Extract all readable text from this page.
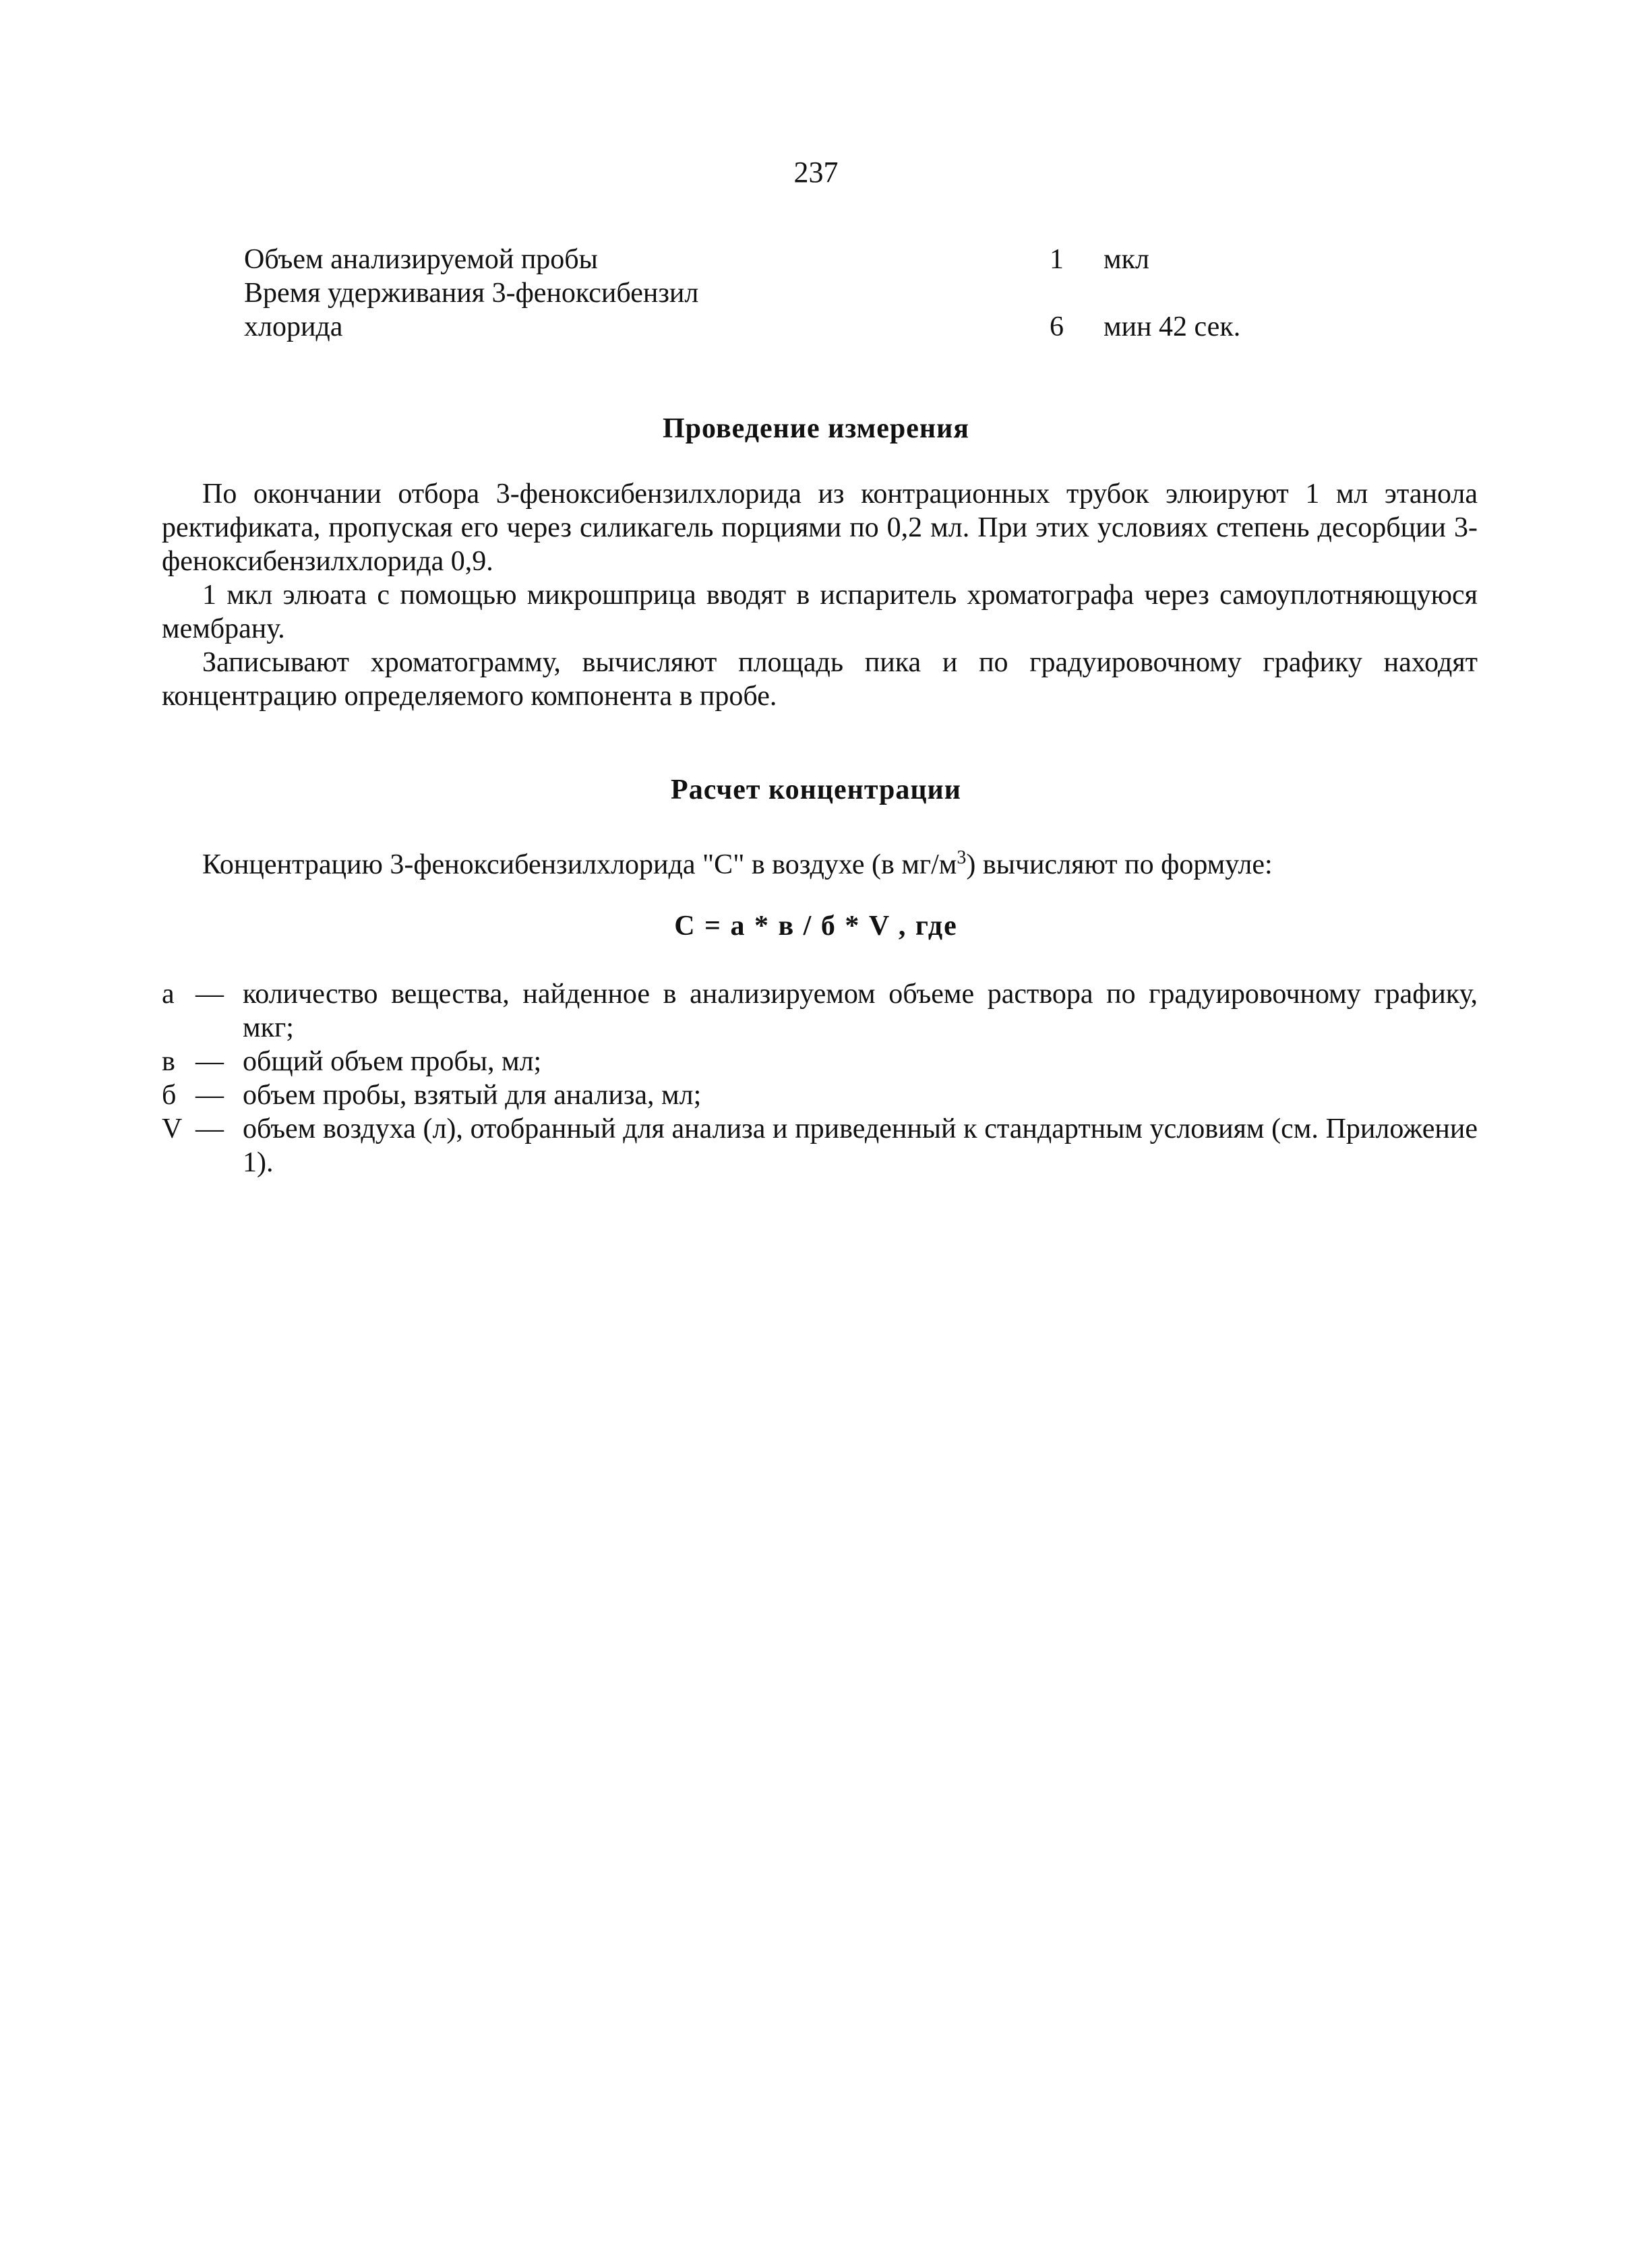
237
Объем анализируемой пробы	1 мкл
Время удерживания 3-феноксибензил
хлорида	6 мин 42 сек.
Проведение измерения

По окончании отбора 3-феноксибензилхлорида из контрационных трубок элюируют 1 мл этанола ректификата, пропуская его через силикагель порциями по 0,2 мл. При этих условиях степень десорбции 3-феноксибензилхлорида 0,9.

1 мкл элюата с помощью микрошприца вводят в испаритель хроматографа через самоуплотняющуюся мембрану.

Записывают хроматограмму, вычисляют площадь пика и по градуировочному графику находят концентрацию определяемого компонента в пробе.

Расчет концентрации

Концентрацию 3-феноксибензилхлорида "С" в воздухе (в $мг/м^3$) вычисляют по формуле:

С = а * в / б * V , где
а — количество вещества, найденное в анализируемом объеме раствора по градуировочному графику, мкг;
в — общий объем пробы, мл;
б — объем пробы, взятый для анализа, мл;
V — объем воздуха (л), отобранный для анализа и приведенный к стандартным условиям (см. Приложение 1).
